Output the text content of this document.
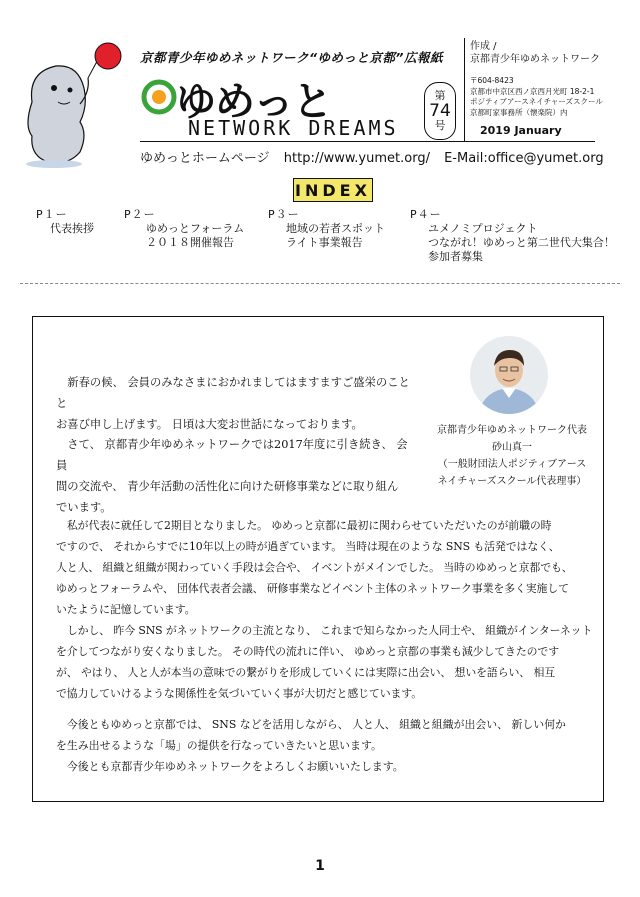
京都青少年ゆめネットワーク“ゆめっと京都”広報紙
ゆめっと
NETWORK DREAMS
第
74
号
作成 /
京都青少年ゆめネットワーク
〒604-8423
京都市中京区西ノ京西月光町 18-2-1
ポジティブアースネイチャーズスクール
京都町家事務所（懐楽院）内
2019 January
ゆめっとホームページ http://www.yumet.org/ E-Mail:office@yumet.org
INDEX
P１ー
代表挨拶
P２ー
ゆめっとフォーラム
２０１８開催報告
P３ー
地域の若者スポット
ライト事業報告
P４ー
ユメノミプロジェクト
つながれ！ゆめっと第二世代大集合！
参加者募集
京都青少年ゆめネットワーク代表
砂山真一
（一般財団法人ポジティブアース
ネイチャーズスクール代表理事）
新春の候、 会員のみなさまにおかれましてはますますご盛栄のことと
お喜び申し上げます。 日頃は大変お世話になっております。
さて、 京都青少年ゆめネットワークでは2017年度に引き続き、 会員
間の交流や、 青少年活動の活性化に向けた研修事業などに取り組ん
でいます。
私が代表に就任して2期目となりました。 ゆめっと京都に最初に関わらせていただいたのが前職の時
ですので、 それからすでに10年以上の時が過ぎています。 当時は現在のような SNS も活発ではなく、
人と人、 組織と組織が関わっていく手段は会合や、 イベントがメインでした。 当時のゆめっと京都でも、
ゆめっとフォーラムや、 団体代表者会議、 研修事業などイベント主体のネットワーク事業を多く実施して
いたように記憶しています。
しかし、 昨今 SNS がネットワークの主流となり、 これまで知らなかった人同士や、 組織がインターネット
を介してつながり安くなりました。 その時代の流れに伴い、 ゆめっと京都の事業も減少してきたのです
が、 やはり、 人と人が本当の意味での繋がりを形成していくには実際に出会い、 想いを語らい、 相互
で協力していけるような関係性を気づいていく事が大切だと感じています。
今後ともゆめっと京都では、 SNS などを活用しながら、 人と人、 組織と組織が出会い、 新しい何か
を生み出せるような「場」の提供を行なっていきたいと思います。
今後とも京都青少年ゆめネットワークをよろしくお願いいたします。
1
